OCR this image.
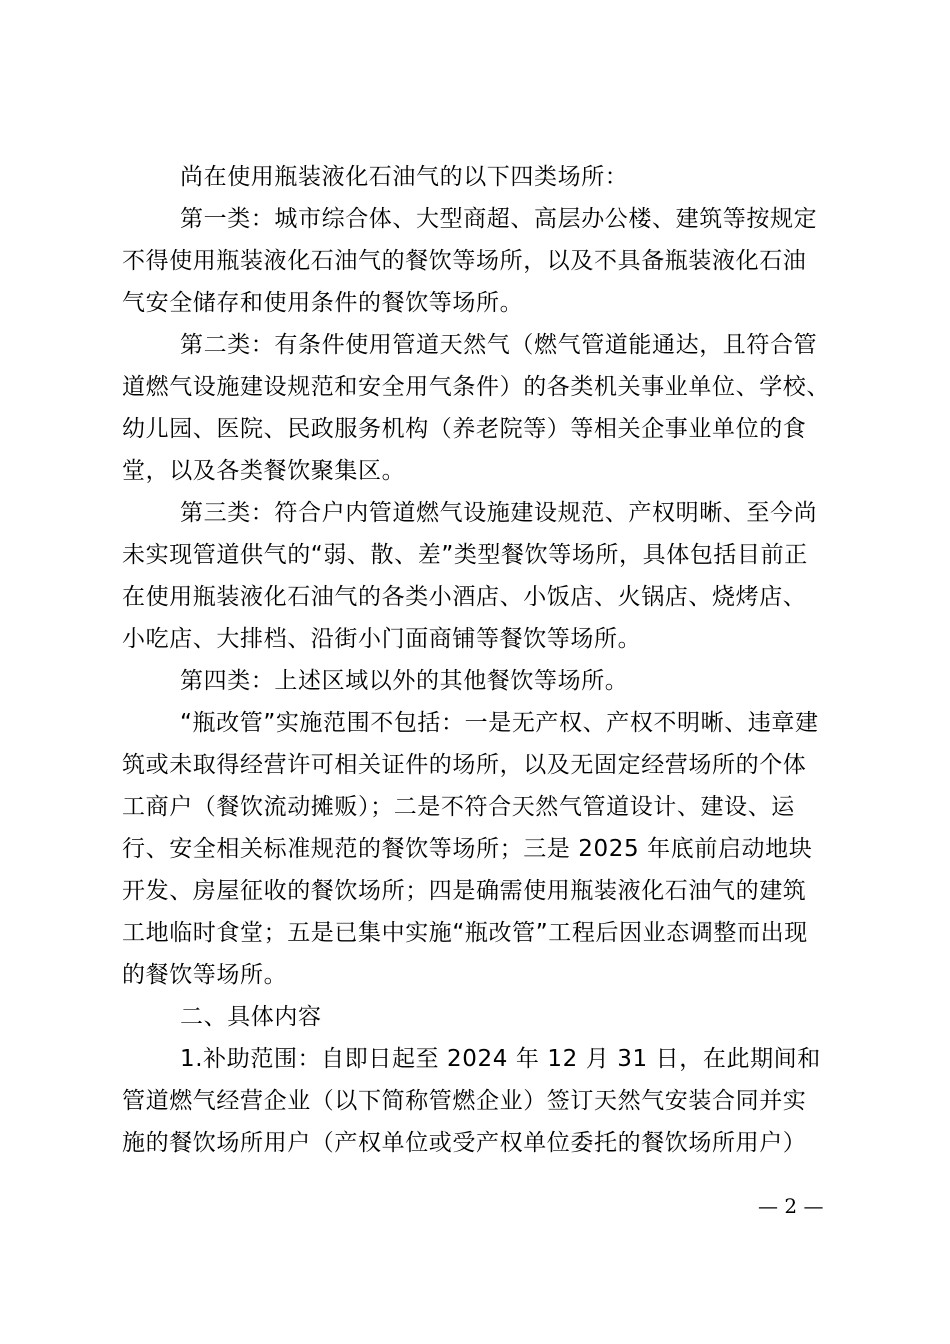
尚在使用瓶装液化石油气的以下四类场所：
第一类：城市综合体、大型商超、高层办公楼、建筑等按规定
不得使用瓶装液化石油气的餐饮等场所，以及不具备瓶装液化石油
气安全储存和使用条件的餐饮等场所。
第二类：有条件使用管道天然气（燃气管道能通达，且符合管
道燃气设施建设规范和安全用气条件）的各类机关事业单位、学校、
幼儿园、医院、民政服务机构（养老院等）等相关企事业单位的食
堂，以及各类餐饮聚集区。
第三类：符合户内管道燃气设施建设规范、产权明晰、至今尚
未实现管道供气的“弱、散、差”类型餐饮等场所，具体包括目前正
在使用瓶装液化石油气的各类小酒店、小饭店、火锅店、烧烤店、
小吃店、大排档、沿街小门面商铺等餐饮等场所。
第四类：上述区域以外的其他餐饮等场所。
“瓶改管”实施范围不包括：一是无产权、产权不明晰、违章建
筑或未取得经营许可相关证件的场所，以及无固定经营场所的个体
工商户（餐饮流动摊贩）；二是不符合天然气管道设计、建设、运
行、安全相关标准规范的餐饮等场所；三是 2025 年底前启动地块
开发、房屋征收的餐饮场所；四是确需使用瓶装液化石油气的建筑
工地临时食堂；五是已集中实施“瓶改管”工程后因业态调整而出现
的餐饮等场所。
二、具体内容
1.补助范围：自即日起至 2024 年 12 月 31 日，在此期间和
管道燃气经营企业（以下简称管燃企业）签订天然气安装合同并实
施的餐饮场所用户（产权单位或受产权单位委托的餐饮场所用户）
— 2 —
